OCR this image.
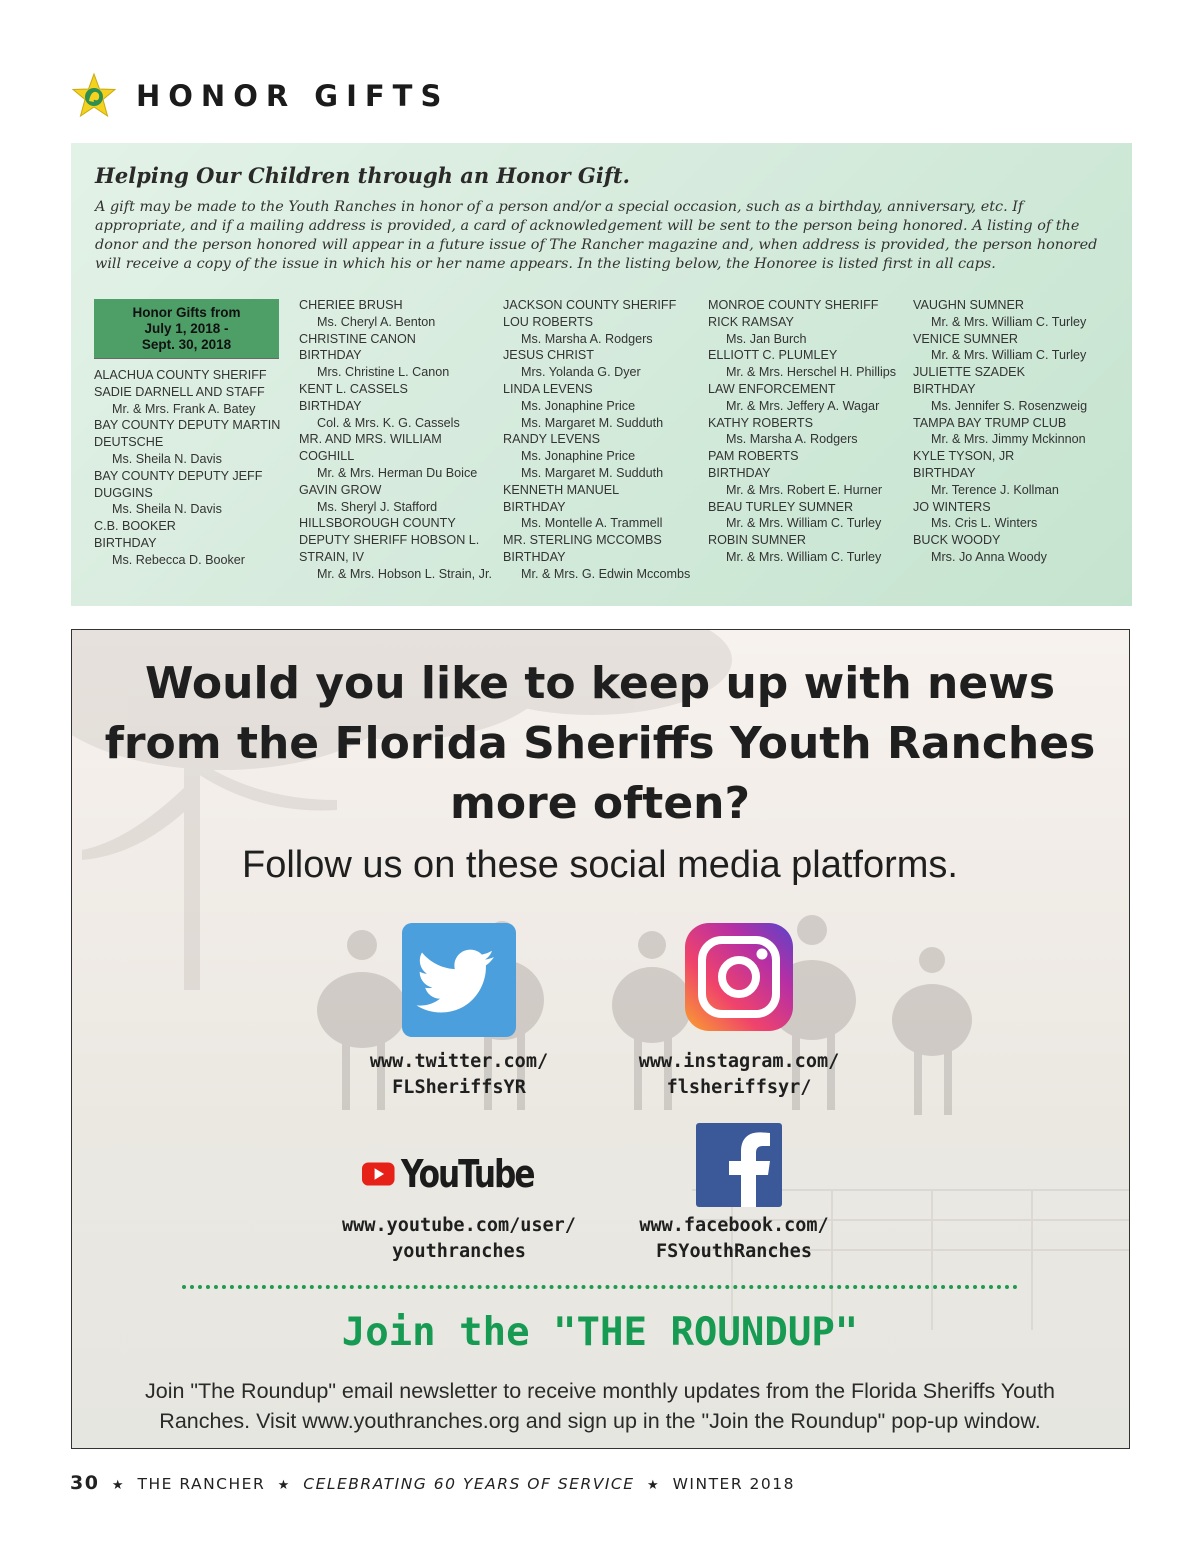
HONOR GIFTS
Helping Our Children through an Honor Gift.

A gift may be made to the Youth Ranches in honor of a person and/or a special occasion, such as a birthday, anniversary, etc. If appropriate, and if a mailing address is provided, a card of acknowledgement will be sent to the person being honored. A listing of the donor and the person honored will appear in a future issue of The Rancher magazine and, when address is provided, the person honored will receive a copy of the issue in which his or her name appears. In the listing below, the Honoree is listed first in all caps.

Honor Gifts from
July 1, 2018 -
Sept. 30, 2018
ALACHUA COUNTY SHERIFF
SADIE DARNELL AND STAFF
Mr. & Mrs. Frank A. Batey
BAY COUNTY DEPUTY MARTIN
DEUTSCHE
Ms. Sheila N. Davis
BAY COUNTY DEPUTY JEFF
DUGGINS
Ms. Sheila N. Davis
C.B. BOOKER
BIRTHDAY
Ms. Rebecca D. Booker
CHERIEE BRUSH
Ms. Cheryl A. Benton
CHRISTINE CANON
BIRTHDAY
Mrs. Christine L. Canon
KENT L. CASSELS
BIRTHDAY
Col. & Mrs. K. G. Cassels
MR. AND MRS. WILLIAM
COGHILL
Mr. & Mrs. Herman Du Boice
GAVIN GROW
Ms. Sheryl J. Stafford
HILLSBOROUGH COUNTY
DEPUTY SHERIFF HOBSON L.
STRAIN, IV
Mr. & Mrs. Hobson L. Strain, Jr.
JACKSON COUNTY SHERIFF
LOU ROBERTS
Ms. Marsha A. Rodgers
JESUS CHRIST
Mrs. Yolanda G. Dyer
LINDA LEVENS
Ms. Jonaphine Price
Ms. Margaret M. Sudduth
RANDY LEVENS
Ms. Jonaphine Price
Ms. Margaret M. Sudduth
KENNETH MANUEL
BIRTHDAY
Ms. Montelle A. Trammell
MR. STERLING MCCOMBS
BIRTHDAY
Mr. & Mrs. G. Edwin Mccombs
MONROE COUNTY SHERIFF
RICK RAMSAY
Ms. Jan Burch
ELLIOTT C. PLUMLEY
Mr. & Mrs. Herschel H. Phillips
LAW ENFORCEMENT
Mr. & Mrs. Jeffery A. Wagar
KATHY ROBERTS
Ms. Marsha A. Rodgers
PAM ROBERTS
BIRTHDAY
Mr. & Mrs. Robert E. Hurner
BEAU TURLEY SUMNER
Mr. & Mrs. William C. Turley
ROBIN SUMNER
Mr. & Mrs. William C. Turley
VAUGHN SUMNER
Mr. & Mrs. William C. Turley
VENICE SUMNER
Mr. & Mrs. William C. Turley
JULIETTE SZADEK
BIRTHDAY
Ms. Jennifer S. Rosenzweig
TAMPA BAY TRUMP CLUB
Mr. & Mrs. Jimmy Mckinnon
KYLE TYSON, JR
BIRTHDAY
Mr. Terence J. Kollman
JO WINTERS
Ms. Cris L. Winters
BUCK WOODY
Mrs. Jo Anna Woody
Would you like to keep up with news
from the Florida Sheriffs Youth Ranches
more often?

Follow us on these social media platforms.

www.twitter.com/
FLSheriffsYR
www.instagram.com/
flsheriffsyr/
YouTube
www.youtube.com/user/
youthranches
www.facebook.com/
FSYouthRanches
Join the "THE ROUNDUP"

Join "The Roundup" email newsletter to receive monthly updates from the Florida Sheriffs Youth Ranches. Visit www.youthranches.org and sign up in the "Join the Roundup" pop-up window.

30 ★ THE RANCHER ★ CELEBRATING 60 YEARS OF SERVICE ★ WINTER 2018
